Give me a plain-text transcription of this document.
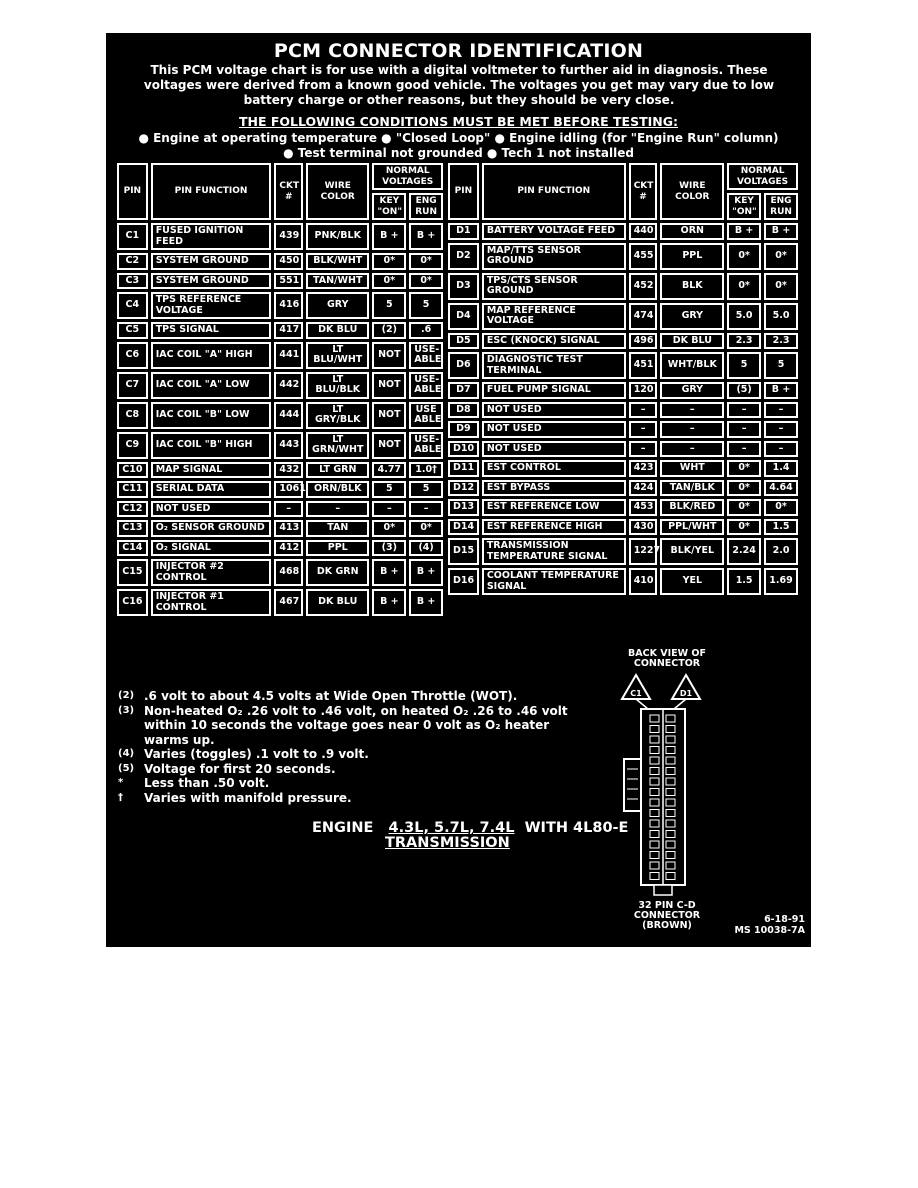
PCM CONNECTOR IDENTIFICATION
This PCM voltage chart is for use with a digital voltmeter to further aid in diagnosis. These voltages were derived from a known good vehicle. The voltages you get may vary due to low battery charge or other reasons, but they should be very close.
THE FOLLOWING CONDITIONS MUST BE MET BEFORE TESTING:
● Engine at operating temperature ● "Closed Loop" ● Engine idling (for "Engine Run" column)
● Test terminal not grounded ● Tech 1 not installed
PIN	PIN FUNCTION	CKT #	WIRE COLOR	NORMAL VOLTAGES	
				KEY "ON"	ENG RUN
C1	FUSED IGNITION FEED	439	PNK/BLK	B +	B +
C2	SYSTEM GROUND	450	BLK/WHT	0*	0*
C3	SYSTEM GROUND	551	TAN/WHT	0*	0*
C4	TPS REFERENCE VOLTAGE	416	GRY	5	5
C5	TPS SIGNAL	417	DK BLU	(2)	.6
C6	IAC COIL "A" HIGH	441	LT BLU/WHT	NOT	USE-ABLE
C7	IAC COIL "A" LOW	442	LT BLU/BLK	NOT	USE-ABLE
C8	IAC COIL "B" LOW	444	LT GRY/BLK	NOT	USE ABLE
C9	IAC COIL "B" HIGH	443	LT GRN/WHT	NOT	USE-ABLE
C10	MAP SIGNAL	432	LT GRN	4.77	1.0†
C11	SERIAL DATA	1061	ORN/BLK	5	5
C12	NOT USED	–	–	–	–
C13	O₂ SENSOR GROUND	413	TAN	0*	0*
C14	O₂ SIGNAL	412	PPL	(3)	(4)
C15	INJECTOR #2 CONTROL	468	DK GRN	B +	B +
C16	INJECTOR #1 CONTROL	467	DK BLU	B +	B +
PIN	PIN FUNCTION	CKT #	WIRE COLOR	NORMAL VOLTAGES	
				KEY "ON"	ENG RUN
D1	BATTERY VOLTAGE FEED	440	ORN	B +	B +
D2	MAP/TTS SENSOR GROUND	455	PPL	0*	0*
D3	TPS/CTS SENSOR GROUND	452	BLK	0*	0*
D4	MAP REFERENCE VOLTAGE	474	GRY	5.0	5.0
D5	ESC (KNOCK) SIGNAL	496	DK BLU	2.3	2.3
D6	DIAGNOSTIC TEST TERMINAL	451	WHT/BLK	5	5
D7	FUEL PUMP SIGNAL	120	GRY	(5)	B +
D8	NOT USED	–	–	–	–
D9	NOT USED	–	–	–	–
D10	NOT USED	–	–	–	–
D11	EST CONTROL	423	WHT	0*	1.4
D12	EST BYPASS	424	TAN/BLK	0*	4.64
D13	EST REFERENCE LOW	453	BLK/RED	0*	0*
D14	EST REFERENCE HIGH	430	PPL/WHT	0*	1.5
D15	TRANSMISSION TEMPERATURE SIGNAL	1227	BLK/YEL	2.24	2.0
D16	COOLANT TEMPERATURE SIGNAL	410	YEL	1.5	1.69
BACK VIEW OF CONNECTOR
C1	D1
32 PIN C-D CONNECTOR (BROWN)
6-18-91
MS 10038-7A
(2) .6 volt to about 4.5 volts at Wide Open Throttle (WOT).
(3) Non-heated O₂ .26 volt to .46 volt, on heated O₂ .26 to .46 volt within 10 seconds the voltage goes near 0 volt as O₂ heater warms up.
(4) Varies (toggles) .1 volt to .9 volt.
(5) Voltage for first 20 seconds.
*	Less than .50 volt.
†	Varies with manifold pressure.
ENGINE 4.3L, 5.7L, 7.4L WITH 4L80-E
TRANSMISSION
